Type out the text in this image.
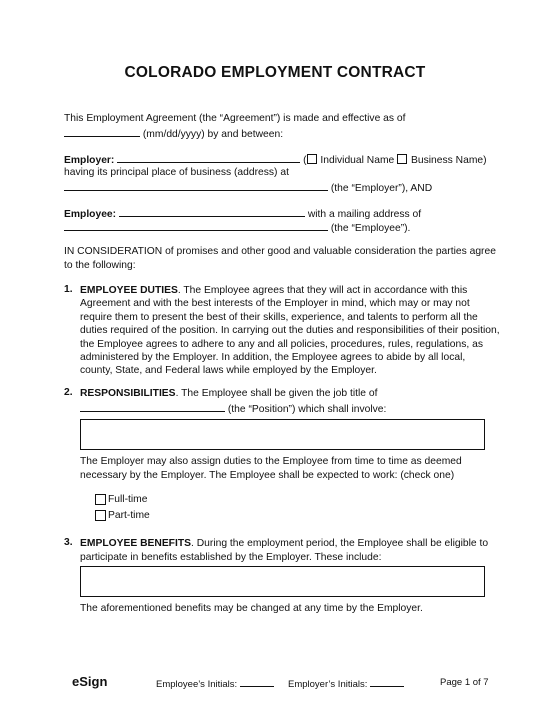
COLORADO EMPLOYMENT CONTRACT
This Employment Agreement (the “Agreement”) is made and effective as of
(mm/dd/yyyy) by and between:
Employer:	( Individual Name Business Name)
having its principal place of business (address) at
(the “Employer”), AND
Employee:	with a mailing address of
(the “Employee”).
IN CONSIDERATION of promises and other good and valuable consideration the parties agree
to the following:
1. EMPLOYEE DUTIES. The Employee agrees that they will act in accordance with this
Agreement and with the best interests of the Employer in mind, which may or may not
require them to present the best of their skills, experience, and talents to perform all the
duties required of the position. In carrying out the duties and responsibilities of their position,
the Employee agrees to adhere to any and all policies, procedures, rules, regulations, as
administered by the Employer. In addition, the Employee agrees to abide by all local,
county, State, and Federal laws while employed by the Employer.
2. RESPONSIBILITIES. The Employee shall be given the job title of
(the “Position”) which shall involve:
The Employer may also assign duties to the Employee from time to time as deemed
necessary by the Employer. The Employee shall be expected to work: (check one)
Full-time
Part-time
3. EMPLOYEE BENEFITS. During the employment period, the Employee shall be eligible to
participate in benefits established by the Employer. These include:
The aforementioned benefits may be changed at any time by the Employer.
eSign	Employee’s Initials:	Employer’s Initials:	Page 1 of 7
